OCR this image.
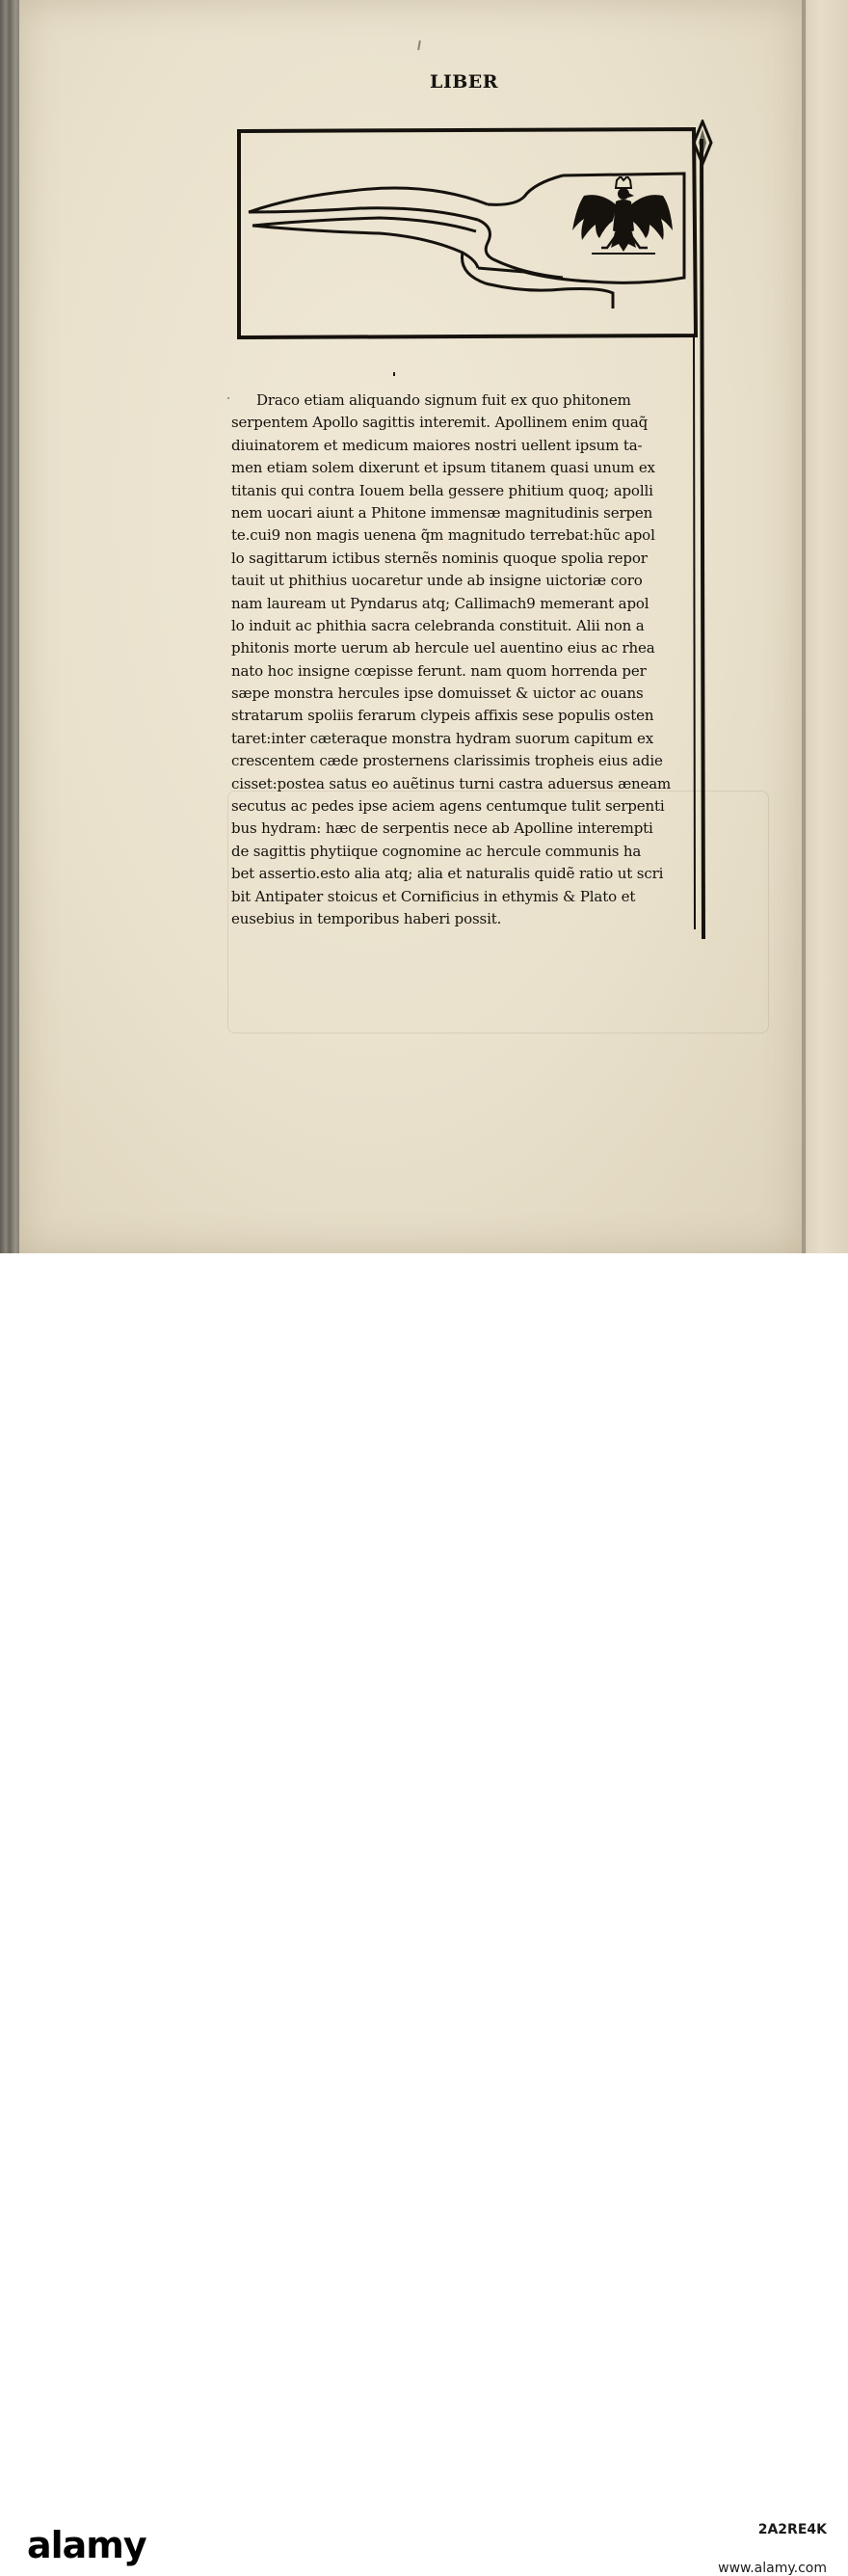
LIBER
Draco etiam aliquando signum fuit ex quo phitonem
serpentem Apollo sagittis interemit. Apollinem enim quaq̃
diuinatorem et medicum maiores nostri uellent ipsum ta-
men etiam solem dixerunt et ipsum titanem quasi unum ex
titanis qui contra Iouem bella gessere phitium quoq; apolli
nem uocari aiunt a Phitone immensæ magnitudinis serpen
te.cui9 non magis uenena q̃m magnitudo terrebat:hũc apol
lo sagittarum ictibus sternẽs nominis quoque spolia repor
tauit ut phithius uocaretur unde ab insigne uictoriæ coro
nam lauream ut Pyndarus atq; Callimach9 memerant apol
lo induit ac phithia sacra celebranda constituit. Alii non a
phitonis morte uerum ab hercule uel auentino eius ac rhea
nato hoc insigne cœpisse ferunt. nam quom horrenda per
sæpe monstra hercules ipse domuisset & uictor ac ouans
stratarum spoliis ferarum clypeis affixis sese populis osten
taret:inter cæteraque monstra hydram suorum capitum ex
crescentem cæde prosternens clarissimis tropheis eius adie
cisset:postea satus eo auẽtinus turni castra aduersus æneam
secutus ac pedes ipse aciem agens centumque tulit serpenti
bus hydram: hæc de serpentis nece ab Apolline interempti
de sagittis phytiique cognomine ac hercule communis ha
bet assertio.esto alia atq; alia et naturalis quidẽ ratio ut scri
bit Antipater stoicus et Cornificius in ethymis & Plato et
eusebius in temporibus haberi possit.
alamy	2A2RE4K
www.alamy.com
